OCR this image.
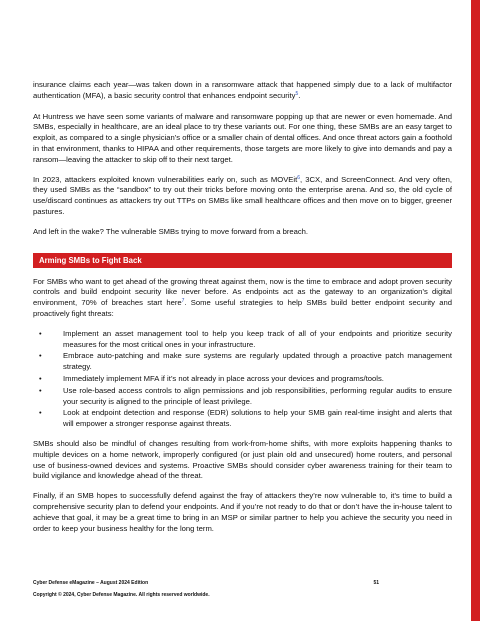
insurance claims each year—was taken down in a ransomware attack that happened simply due to a lack of multifactor authentication (MFA), a basic security control that enhances endpoint security$^5$.

At Huntress we have seen some variants of malware and ransomware popping up that are newer or even homemade. And SMBs, especially in healthcare, are an ideal place to try these variants out. For one thing, these SMBs are an easy target to exploit, as compared to a single physician’s office or a smaller chain of dental offices. And once threat actors gain a foothold in that environment, thanks to HIPAA and other requirements, those targets are more likely to give into demands and pay a ransom—leaving the attacker to skip off to their next target.

In 2023, attackers exploited known vulnerabilities early on, such as MOVEit$^6$, 3CX, and ScreenConnect. And very often, they used SMBs as the “sandbox” to try out their tricks before moving onto the enterprise arena. And so, the old cycle of use/discard continues as attackers try out TTPs on SMBs like small healthcare offices and then move on to bigger, greener pastures.

And left in the wake? The vulnerable SMBs trying to move forward from a breach.

Arming SMBs to Fight Back

For SMBs who want to get ahead of the growing threat against them, now is the time to embrace and adopt proven security controls and build endpoint security like never before. As endpoints act as the gateway to an organization’s digital environment, 70% of breaches start here$^7$. Some useful strategies to help SMBs build better endpoint security and proactively fight threats:

•	Implement an asset management tool to help you keep track of all of your endpoints and prioritize security measures for the most critical ones in your infrastructure.
•	Embrace auto-patching and make sure systems are regularly updated through a proactive patch management strategy.
•	Immediately implement MFA if it’s not already in place across your devices and programs/tools.
•	Use role-based access controls to align permissions and job responsibilities, performing regular audits to ensure your security is aligned to the principle of least privilege.
•	Look at endpoint detection and response (EDR) solutions to help your SMB gain real-time insight and alerts that will empower a stronger response against threats.

SMBs should also be mindful of changes resulting from work-from-home shifts, with more exploits happening thanks to multiple devices on a home network, improperly configured (or just plain old and unsecured) home routers, and personal use of business-owned devices and systems. Proactive SMBs should consider cyber awareness training for their team to build vigilance and knowledge ahead of the threat.

Finally, if an SMB hopes to successfully defend against the fray of attackers they’re now vulnerable to, it’s time to build a comprehensive security plan to defend your endpoints. And if you’re not ready to do that or don’t have the in-house talent to achieve that goal, it may be a great time to bring in an MSP or similar partner to help you achieve the security you need in order to keep your business healthy for the long term.

Cyber Defense eMagazine – August 2024 Edition	51
Copyright © 2024, Cyber Defense Magazine. All rights reserved worldwide.
